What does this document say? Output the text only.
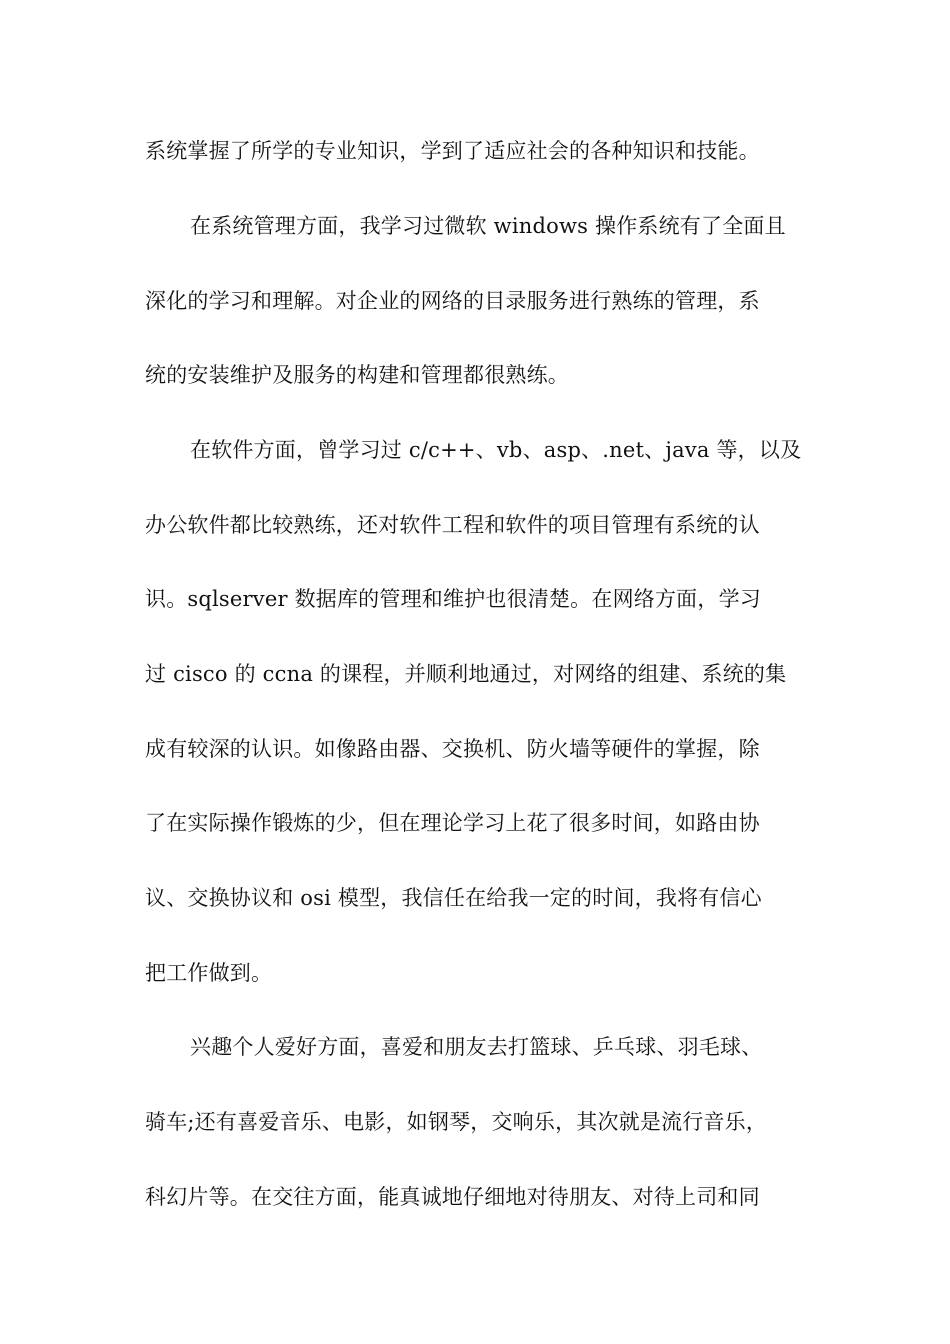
系统掌握了所学的专业知识，学到了适应社会的各种知识和技能。
在系统管理方面，我学习过微软 windows 操作系统有了全面且
深化的学习和理解。对企业的网络的目录服务进行熟练的管理，系
统的安装维护及服务的构建和管理都很熟练。
在软件方面，曾学习过 c/c++、vb、asp、.net、java 等，以及
办公软件都比较熟练，还对软件工程和软件的项目管理有系统的认
识。sqlserver 数据库的管理和维护也很清楚。在网络方面，学习
过 cisco 的 ccna 的课程，并顺利地通过，对网络的组建、系统的集
成有较深的认识。如像路由器、交换机、防火墙等硬件的掌握，除
了在实际操作锻炼的少，但在理论学习上花了很多时间，如路由协
议、交换协议和 osi 模型，我信任在给我一定的时间，我将有信心
把工作做到。
兴趣个人爱好方面，喜爱和朋友去打篮球、乒乓球、羽毛球、
骑车;还有喜爱音乐、电影，如钢琴，交响乐，其次就是流行音乐，
科幻片等。在交往方面，能真诚地仔细地对待朋友、对待上司和同
